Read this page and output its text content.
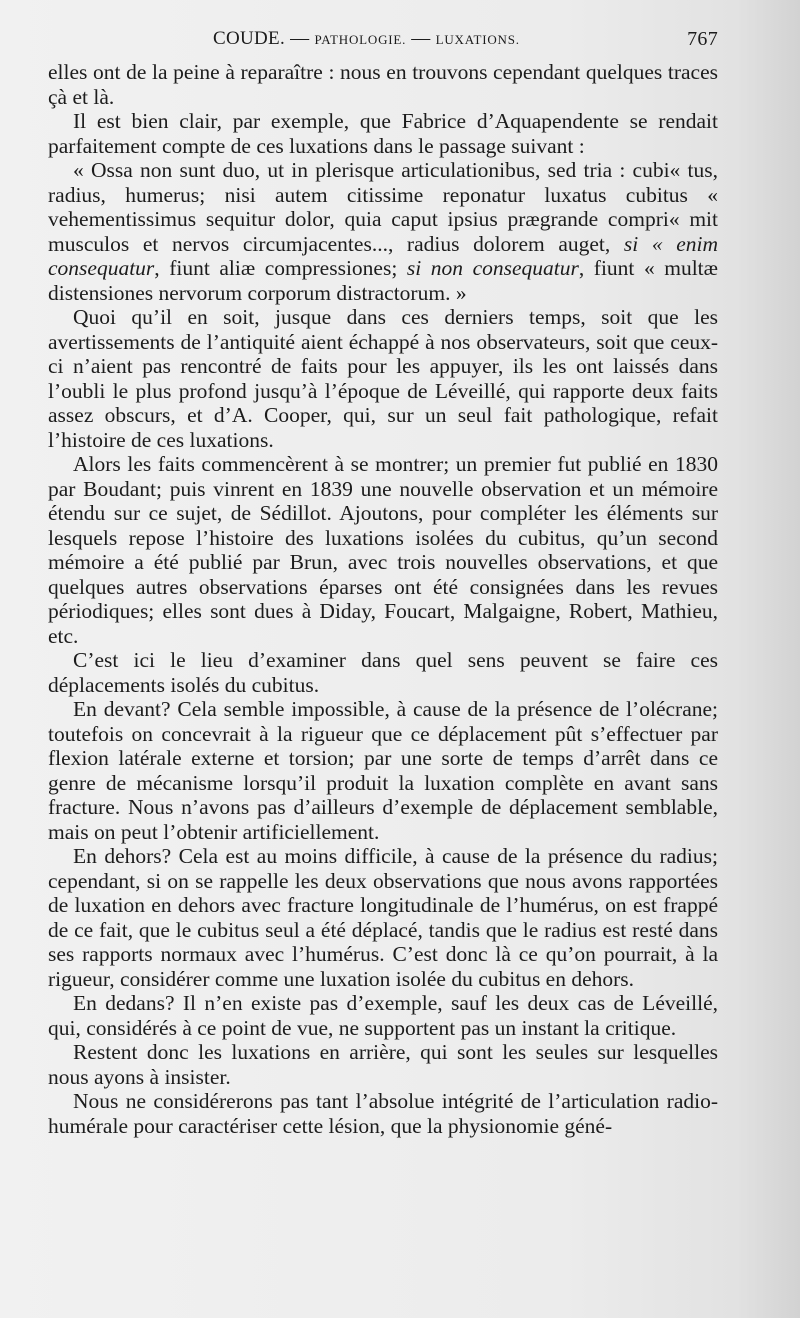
COUDE. — PATHOLOGIE. — LUXATIONS.	767

elles ont de la peine à reparaître : nous en trouvons cependant quelques traces çà et là.

Il est bien clair, par exemple, que Fabrice d’Aquapendente se rendait parfaitement compte de ces luxations dans le passage suivant :

« Ossa non sunt duo, ut in plerisque articulationibus, sed tria : cubi« tus, radius, humerus; nisi autem citissime reponatur luxatus cubitus « vehementissimus sequitur dolor, quia caput ipsius prægrande compri« mit musculos et nervos circumjacentes..., radius dolorem auget, si « enim consequatur, fiunt aliæ compressiones; si non consequatur, fiunt « multæ distensiones nervorum corporum distractorum. »

Quoi qu’il en soit, jusque dans ces derniers temps, soit que les avertissements de l’antiquité aient échappé à nos observateurs, soit que ceux-ci n’aient pas rencontré de faits pour les appuyer, ils les ont laissés dans l’oubli le plus profond jusqu’à l’époque de Léveillé, qui rapporte deux faits assez obscurs, et d’A. Cooper, qui, sur un seul fait pathologique, refait l’histoire de ces luxations.

Alors les faits commencèrent à se montrer; un premier fut publié en 1830 par Boudant; puis vinrent en 1839 une nouvelle observation et un mémoire étendu sur ce sujet, de Sédillot. Ajoutons, pour compléter les éléments sur lesquels repose l’histoire des luxations isolées du cubitus, qu’un second mémoire a été publié par Brun, avec trois nouvelles observations, et que quelques autres observations éparses ont été consignées dans les revues périodiques; elles sont dues à Diday, Foucart, Malgaigne, Robert, Mathieu, etc.

C’est ici le lieu d’examiner dans quel sens peuvent se faire ces déplacements isolés du cubitus.

En devant? Cela semble impossible, à cause de la présence de l’olécrane; toutefois on concevrait à la rigueur que ce déplacement pût s’effectuer par flexion latérale externe et torsion; par une sorte de temps d’arrêt dans ce genre de mécanisme lorsqu’il produit la luxation complète en avant sans fracture. Nous n’avons pas d’ailleurs d’exemple de déplacement semblable, mais on peut l’obtenir artificiellement.

En dehors? Cela est au moins difficile, à cause de la présence du radius; cependant, si on se rappelle les deux observations que nous avons rapportées de luxation en dehors avec fracture longitudinale de l’humérus, on est frappé de ce fait, que le cubitus seul a été déplacé, tandis que le radius est resté dans ses rapports normaux avec l’humérus. C’est donc là ce qu’on pourrait, à la rigueur, considérer comme une luxation isolée du cubitus en dehors.

En dedans? Il n’en existe pas d’exemple, sauf les deux cas de Léveillé, qui, considérés à ce point de vue, ne supportent pas un instant la critique.

Restent donc les luxations en arrière, qui sont les seules sur lesquelles nous ayons à insister.

Nous ne considérerons pas tant l’absolue intégrité de l’articulation radio-humérale pour caractériser cette lésion, que la physionomie géné-
